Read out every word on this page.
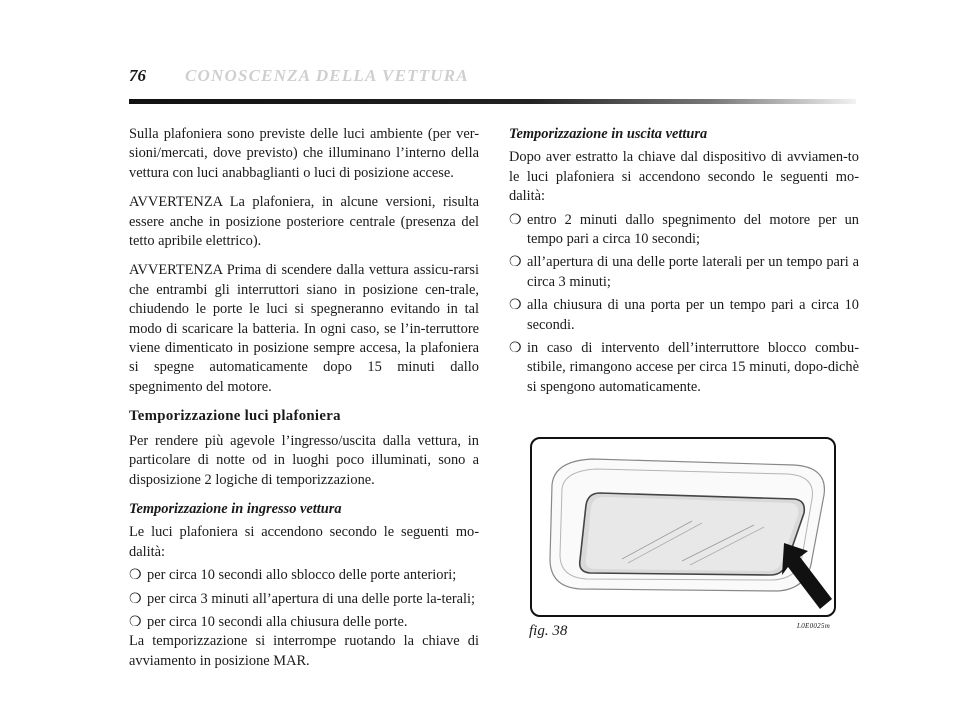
76 CONOSCENZA DELLA VETTURA

Sulla plafoniera sono previste delle luci ambiente (per ver-sioni/mercati, dove previsto) che illuminano l’interno della vettura con luci anabbaglianti o luci di posizione accese.

AVVERTENZA La plafoniera, in alcune versioni, risulta essere anche in posizione posteriore centrale (presenza del tetto apribile elettrico).

AVVERTENZA Prima di scendere dalla vettura assicu-rarsi che entrambi gli interruttori siano in posizione cen-trale, chiudendo le porte le luci si spegneranno evitando in tal modo di scaricare la batteria. In ogni caso, se l’in-terruttore viene dimenticato in posizione sempre accesa, la plafoniera si spegne automaticamente dopo 15 minuti dallo spegnimento del motore.

Temporizzazione luci plafoniera

Per rendere più agevole l’ingresso/uscita dalla vettura, in particolare di notte od in luoghi poco illuminati, sono a disposizione 2 logiche di temporizzazione.

Temporizzazione in ingresso vettura

Le luci plafoniera si accendono secondo le seguenti mo-dalità:

❍ per circa 10 secondi allo sblocco delle porte anteriori;
❍ per circa 3 minuti all’apertura di una delle porte la-terali;
❍ per circa 10 secondi alla chiusura delle porte.

La temporizzazione si interrompe ruotando la chiave di avviamento in posizione MAR.

Temporizzazione in uscita vettura

Dopo aver estratto la chiave dal dispositivo di avviamen-to le luci plafoniera si accendono secondo le seguenti mo-dalità:

❍ entro 2 minuti dallo spegnimento del motore per un tempo pari a circa 10 secondi;
❍ all’apertura di una delle porte laterali per un tempo pari a circa 3 minuti;
❍ alla chiusura di una porta per un tempo pari a circa 10 secondi.
❍ in caso di intervento dell’interruttore blocco combu-stibile, rimangono accese per circa 15 minuti, dopo-dichè si spengono automaticamente.
fig. 38	L0E0025m
